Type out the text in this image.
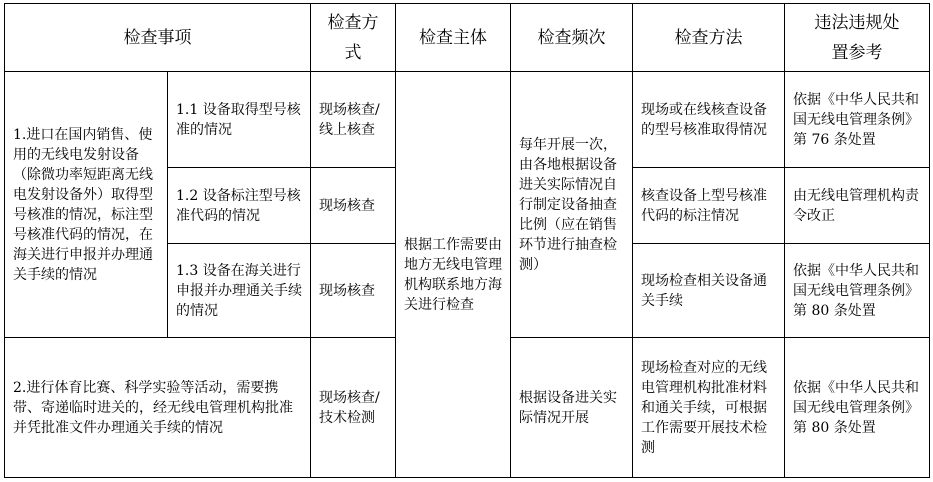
检查事项		检查方式	检查主体	检查频次	检查方法	违法违规处置参考
1.进口在国内销售、使用的无线电发射设备（除微功率短距离无线电发射设备外）取得型号核准的情况，标注型号核准代码的情况，在海关进行申报并办理通关手续的情况	1.1 设备取得型号核准的情况	现场核查/线上核查	根据工作需要由地方无线电管理机构联系地方海关进行检查	每年开展一次，由各地根据设备进关实际情况自行制定设备抽查比例（应在销售环节进行抽查检测）	现场或在线核查设备的型号核准取得情况	依据《中华人民共和国无线电管理条例》第 76 条处置
	1.2 设备标注型号核准代码的情况	现场核查			核查设备上型号核准代码的标注情况	由无线电管理机构责令改正
	1.3 设备在海关进行申报并办理通关手续的情况	现场核查			现场检查相关设备通关手续	依据《中华人民共和国无线电管理条例》第 80 条处置
2.进行体育比赛、科学实验等活动，需要携带、寄递临时进关的，经无线电管理机构批准并凭批准文件办理通关手续的情况		现场核查/技术检测		根据设备进关实际情况开展	现场检查对应的无线电管理机构批准材料和通关手续，可根据工作需要开展技术检测	依据《中华人民共和国无线电管理条例》第 80 条处置
